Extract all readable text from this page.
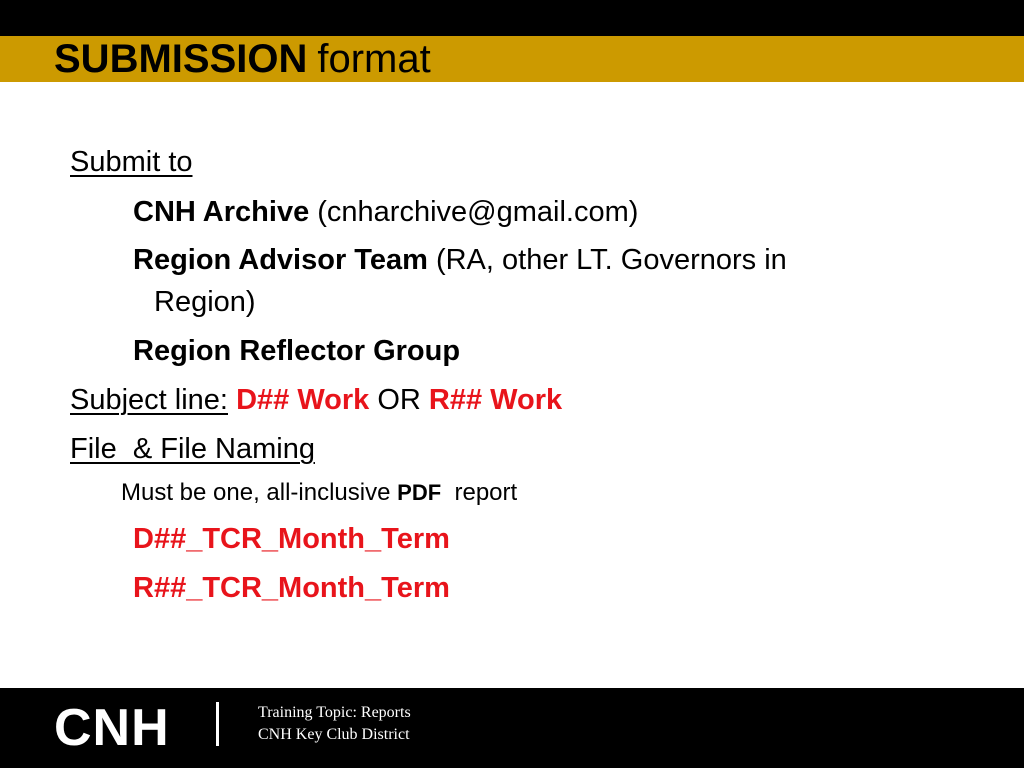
SUBMISSION format
Submit to
CNH Archive (cnharchive@gmail.com)
Region Advisor Team (RA, other LT. Governors in
Region)
Region Reflector Group
Subject line: D## Work OR R## Work
File  & File Naming
Must be one, all-inclusive PDF report
D##_TCR_Month_Term
R##_TCR_Month_Term
CNH	Training Topic: Reports
CNH Key Club District
